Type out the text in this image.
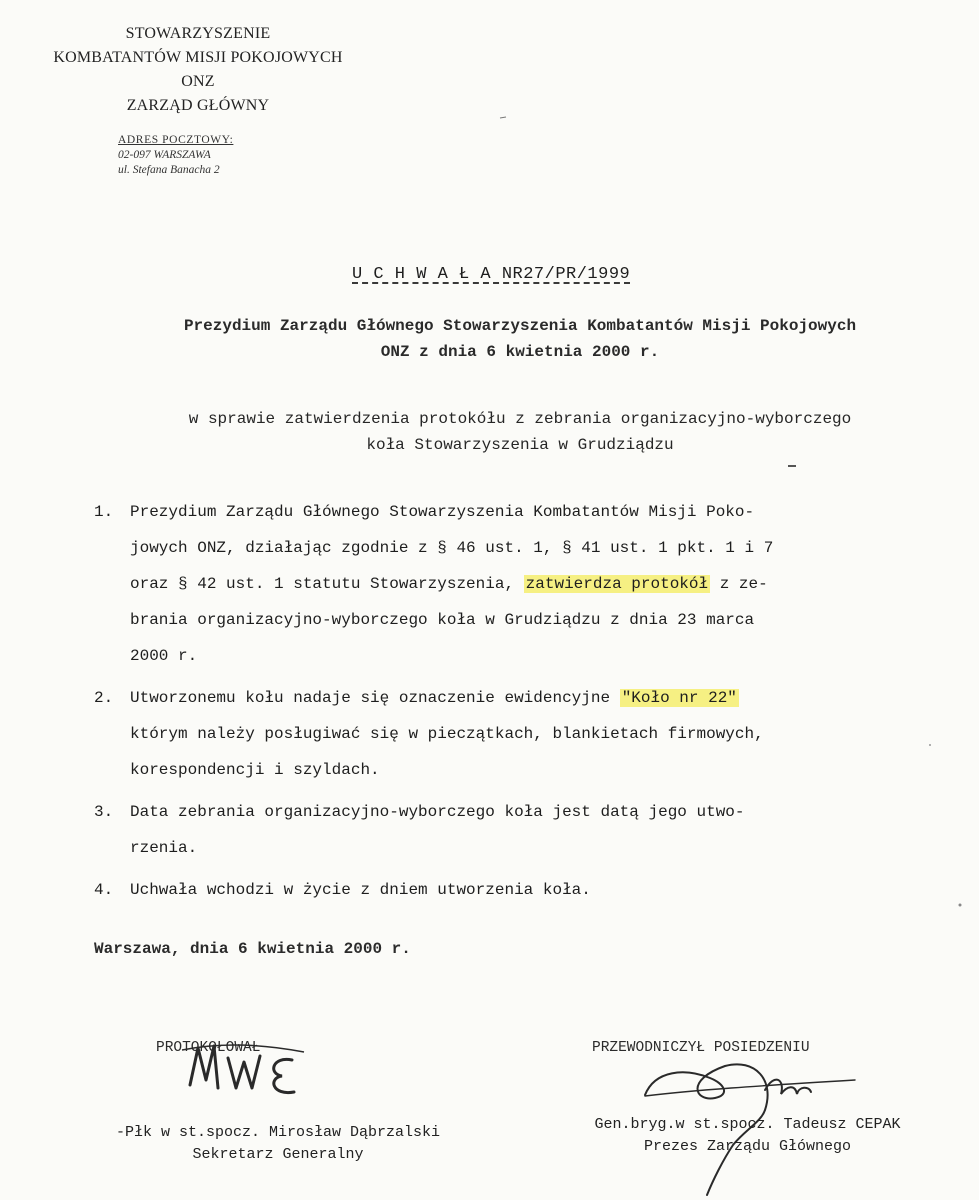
STOWARZYSZENIE
KOMBATANTÓW MISJI POKOJOWYCH
ONZ
ZARZĄD GŁÓWNY
ADRES POCZTOWY:
02-097 WARSZAWA
ul. Stefana Banacha 2
U C H W A Ł A NR27/PR/1999
Prezydium Zarządu Głównego Stowarzyszenia Kombatantów Misji Pokojowych
ONZ z dnia 6 kwietnia 2000 r.
w sprawie zatwierdzenia protokółu z zebrania organizacyjno-wyborczego
koła Stowarzyszenia w Grudziądzu
1. Prezydium Zarządu Głównego Stowarzyszenia Kombatantów Misji Poko-
jowych ONZ, działając zgodnie z § 46 ust. 1, § 41 ust. 1 pkt. 1 i 7
oraz § 42 ust. 1 statutu Stowarzyszenia, zatwierdza protokół z ze-
brania organizacyjno-wyborczego koła w Grudziądzu z dnia 23 marca
2000 r.
2. Utworzonemu kołu nadaje się oznaczenie ewidencyjne "Koło nr 22"
którym należy posługiwać się w pieczątkach, blankietach firmowych,
korespondencji i szyldach.
3. Data zebrania organizacyjno-wyborczego koła jest datą jego utwo-
rzenia.
4. Uchwała wchodzi w życie z dniem utworzenia koła.
Warszawa, dnia 6 kwietnia 2000 r.
PROTOKOŁOWAŁ	PRZEWODNICZYŁ POSIEDZENIU
-Płk w st.spocz. Mirosław Dąbrzalski
Sekretarz Generalny
Gen.bryg.w st.spocz. Tadeusz CEPAK
Prezes Zarządu Głównego
